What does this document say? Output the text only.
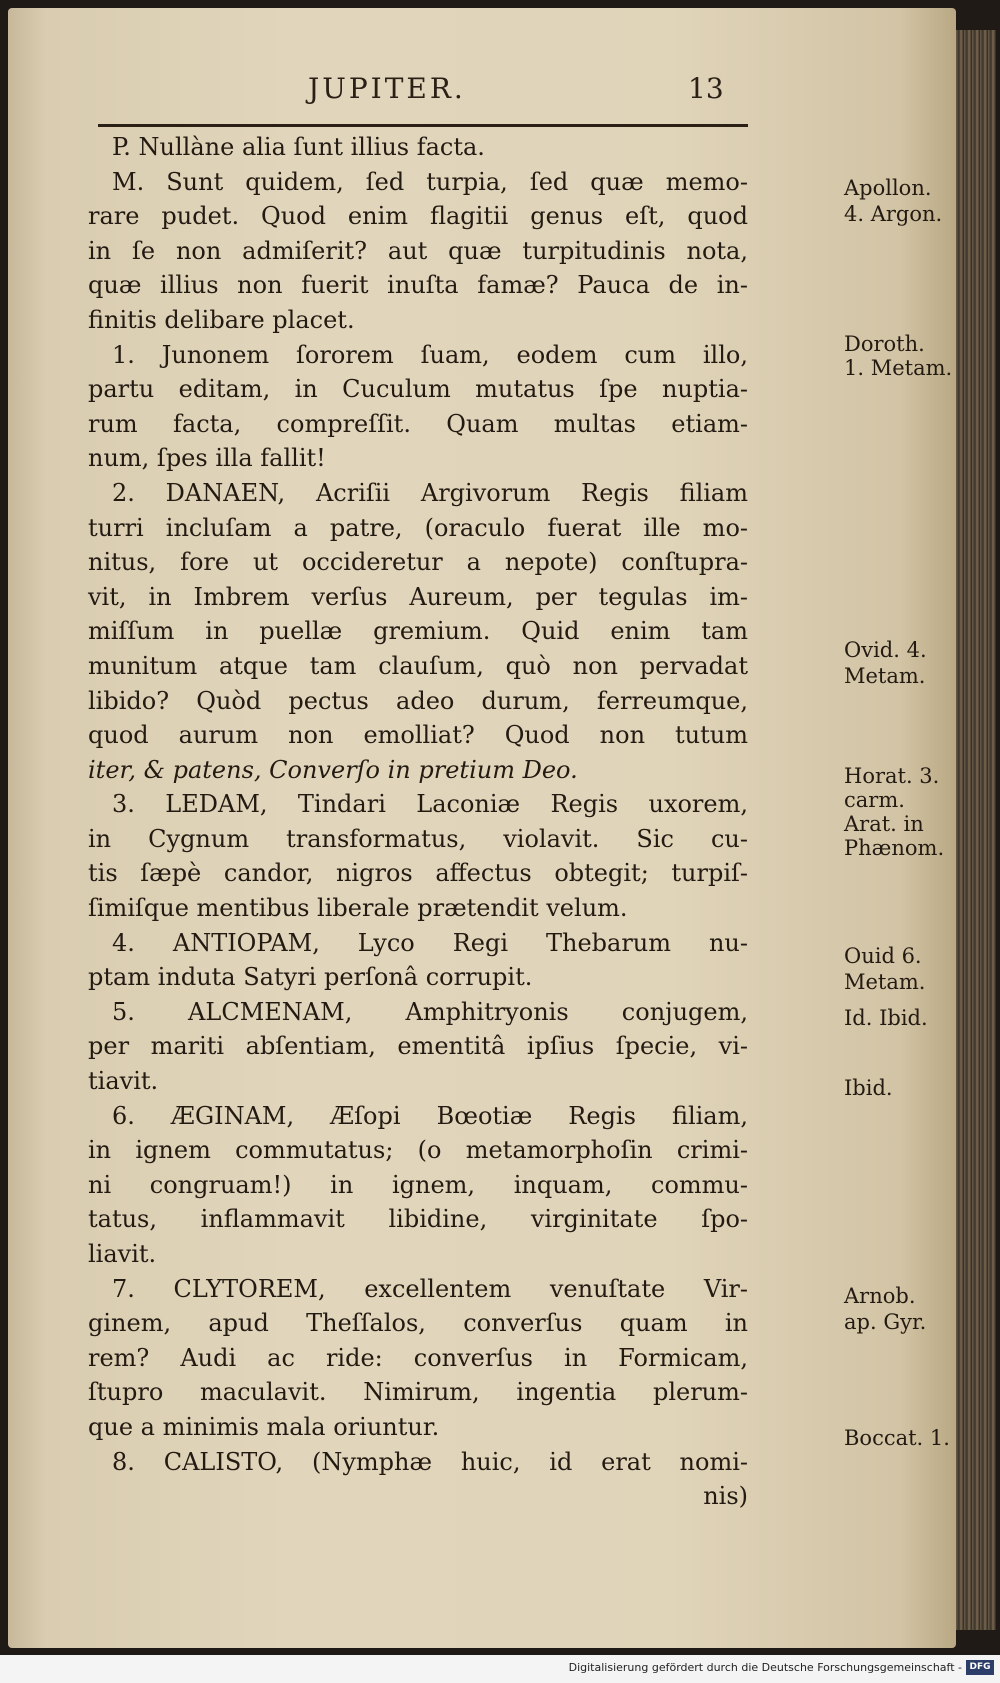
JUPITER.	13
P. Nullàne alia ſunt illius facta.
M. Sunt quidem, ſed turpia, ſed quæ memo-
rare pudet. Quod enim flagitii genus eſt, quod
in ſe non admiſerit? aut quæ turpitudinis nota,
quæ illius non fuerit inuſta famæ? Pauca de in-
finitis delibare placet.
1. Junonem ſororem ſuam, eodem cum illo,
partu editam, in Cuculum mutatus ſpe nuptia-
rum facta, compreſſit. Quam multas etiam-
num, ſpes illa fallit!
2. DANAEN, Acriſii Argivorum Regis filiam
turri incluſam a patre, (oraculo fuerat ille mo-
nitus, fore ut occideretur a nepote) conſtupra-
vit, in Imbrem verſus Aureum, per tegulas im-
miſſum in puellæ gremium. Quid enim tam
munitum atque tam clauſum, quò non pervadat
libido? Quòd pectus adeo durum, ferreumque,
quod aurum non emolliat? Quod non tutum
iter, & patens, Converſo in pretium Deo.
3. LEDAM, Tindari Laconiæ Regis uxorem,
in Cygnum transformatus, violavit. Sic cu-
tis ſæpè candor, nigros affectus obtegit; turpiſ-
ſimiſque mentibus liberale prætendit velum.
4. ANTIOPAM, Lyco Regi Thebarum nu-
ptam induta Satyri perſonâ corrupit.
5. ALCMENAM, Amphitryonis conjugem,
per mariti abſentiam, ementitâ ipſius ſpecie, vi-
tiavit.
6. ÆGINAM, Æſopi Bœotiæ Regis filiam,
in ignem commutatus; (o metamorphoſin crimi-
ni congruam!) in ignem, inquam, commu-
tatus, inflammavit libidine, virginitate ſpo-
liavit.
7. CLYTOREM, excellentem venuſtate Vir-
ginem, apud Theſſalos, converſus quam in
rem? Audi ac ride: converſus in Formicam,
ſtupro maculavit. Nimirum, ingentia plerum-
que a minimis mala oriuntur.
8. CALISTO, (Nymphæ huic, id erat nomi-
nis)
Apollon.
4. Argon.
Doroth.
1. Metam.
Ovid. 4.
Metam.
Horat. 3.
carm.
Arat. in
Phænom.
Ouid 6.
Metam.
Id. Ibid.
Ibid.
Arnob.
ap. Gyr.
Boccat. 1.
Digitalisierung gefördert durch die Deutsche Forschungsgemeinschaft - DFG
